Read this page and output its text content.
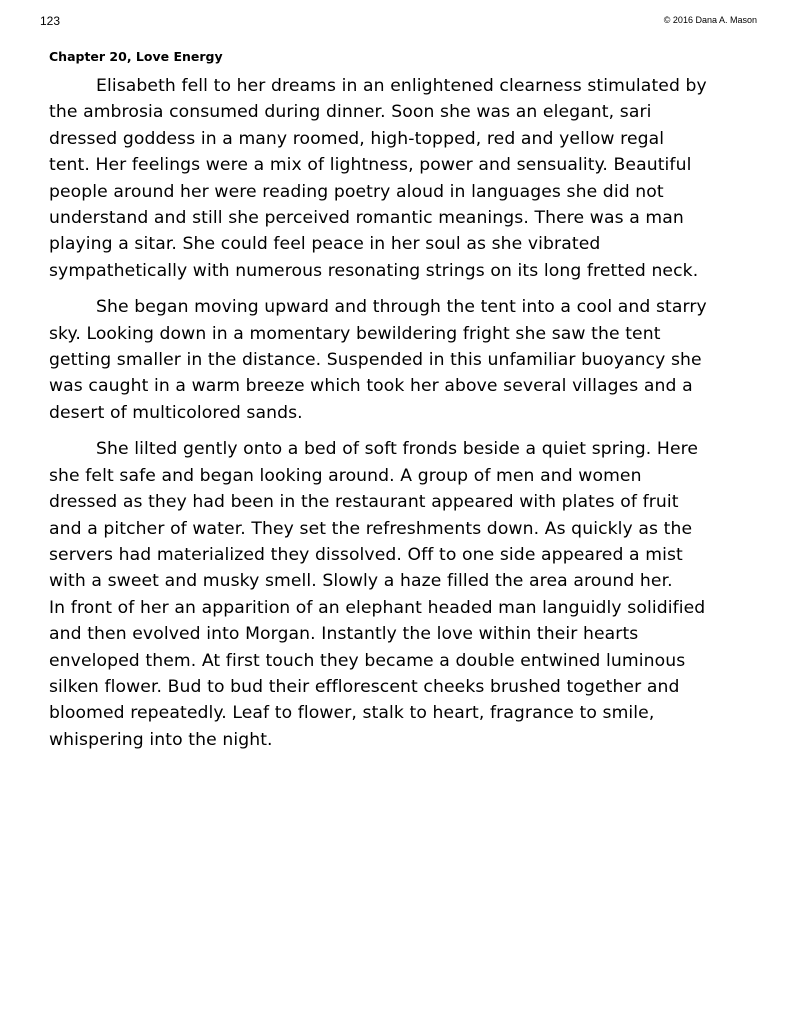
123	© 2016 Dana A. Mason
Chapter 20, Love Energy

Elisabeth fell to her dreams in an enlightened clearness stimulated by
the ambrosia consumed during dinner. Soon she was an elegant, sari
dressed goddess in a many roomed, high-topped, red and yellow regal
tent. Her feelings were a mix of lightness, power and sensuality. Beautiful
people around her were reading poetry aloud in languages she did not
understand and still she perceived romantic meanings. There was a man
playing a sitar. She could feel peace in her soul as she vibrated
sympathetically with numerous resonating strings on its long fretted neck.

She began moving upward and through the tent into a cool and starry
sky. Looking down in a momentary bewildering fright she saw the tent
getting smaller in the distance. Suspended in this unfamiliar buoyancy she
was caught in a warm breeze which took her above several villages and a
desert of multicolored sands.

She lilted gently onto a bed of soft fronds beside a quiet spring. Here
she felt safe and began looking around. A group of men and women
dressed as they had been in the restaurant appeared with plates of fruit
and a pitcher of water. They set the refreshments down. As quickly as the
servers had materialized they dissolved. Off to one side appeared a mist
with a sweet and musky smell. Slowly a haze filled the area around her.
In front of her an apparition of an elephant headed man languidly solidified
and then evolved into Morgan. Instantly the love within their hearts
enveloped them. At first touch they became a double entwined luminous
silken flower. Bud to bud their efflorescent cheeks brushed together and
bloomed repeatedly. Leaf to flower, stalk to heart, fragrance to smile,
whispering into the night.
